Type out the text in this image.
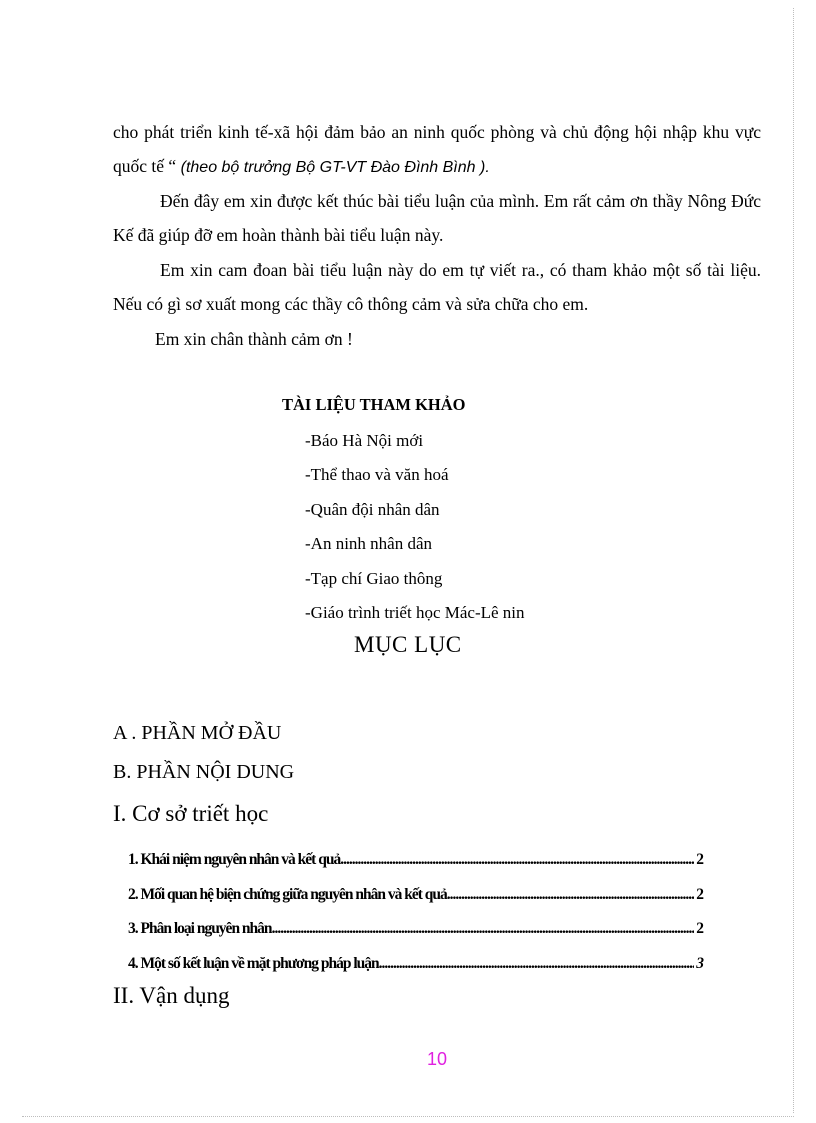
cho phát triển kinh tế-xã hội đảm bảo an ninh quốc phòng và chủ động hội nhập khu vực quốc tế “ (theo bộ trưởng Bộ GT-VT Đào Đình Bình ).

Đến đây em xin được kết thúc bài tiểu luận của mình. Em rất cảm ơn thầy Nông Đức Kế đã giúp đỡ em hoàn thành bài tiểu luận này.

Em xin cam đoan bài tiểu luận này do em tự viết ra., có tham khảo một số tài liệu. Nếu có gì sơ xuất mong các thầy cô thông cảm và sửa chữa cho em.

Em xin chân thành cảm ơn !

TÀI LIỆU THAM KHẢO
-Báo Hà Nội mới
-Thể thao và văn hoá
-Quân đội nhân dân
-An ninh nhân dân
-Tạp chí Giao thông
-Giáo trình triết học Mác-Lê nin
MỤC LỤC
A . PHẦN MỞ ĐẦU
B. PHẦN NỘI DUNG
I. Cơ sở triết học
1. Khái niệm nguyên nhân và kết quả .....	2
2. Mối quan hệ biện chứng giữa nguyên nhân và kết quả .....	2
3. Phân loại nguyên nhân .....	2
4. Một số kết luận về mặt phương pháp luận .....	3
II. Vận dụng
10
